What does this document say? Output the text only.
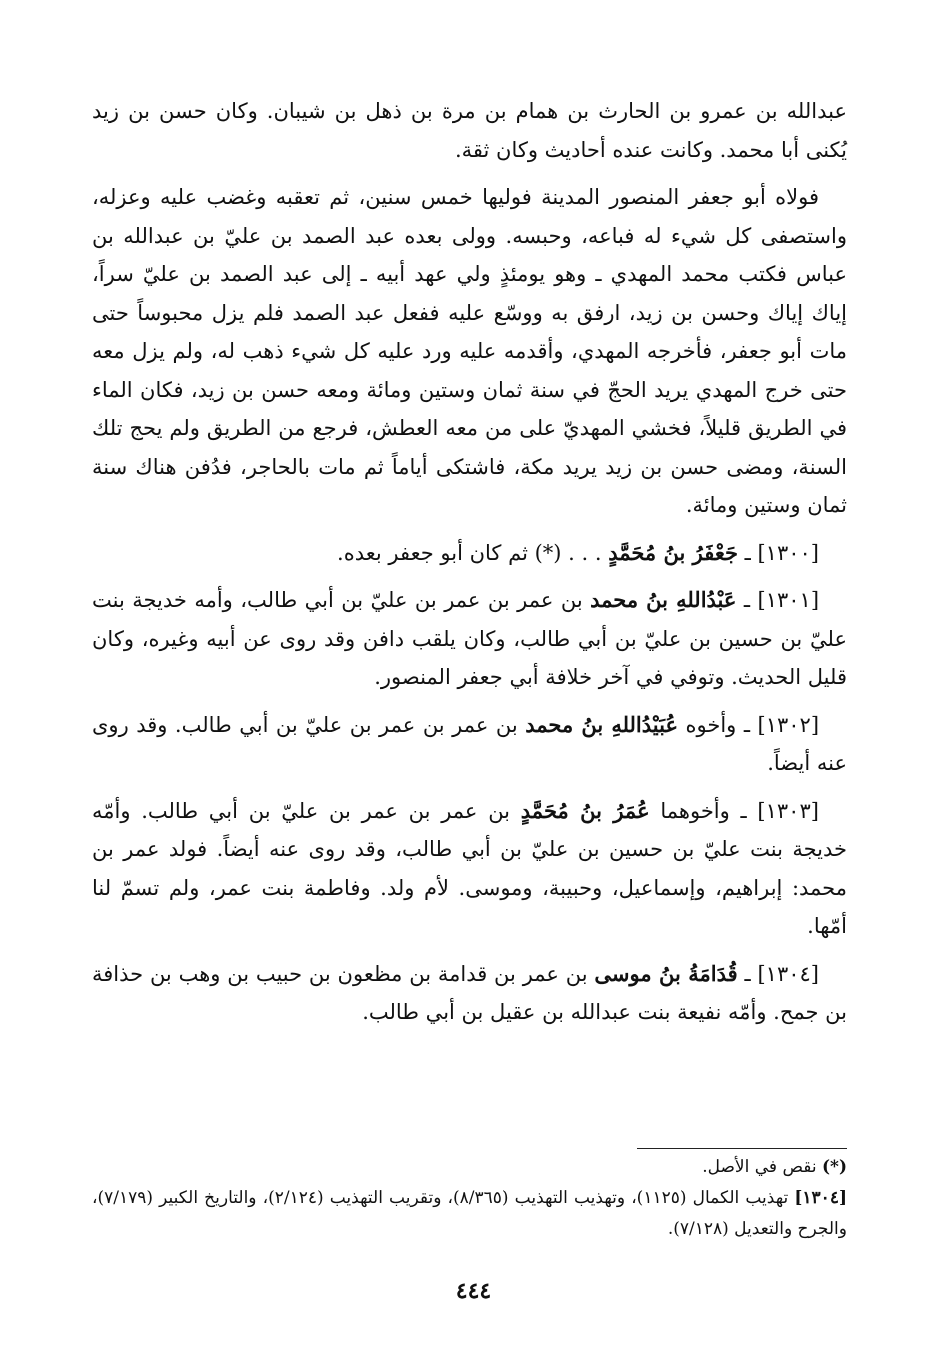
عبدالله بن عمرو بن الحارث بن همام بن مرة بن ذهل بن شيبان. وكان حسن بن زيد يُكنى أبا محمد. وكانت عنده أحاديث وكان ثقة.

فولاه أبو جعفر المنصور المدينة فوليها خمس سنين، ثم تعقبه وغضب عليه وعزله، واستصفى كل شيء له فباعه، وحبسه. وولى بعده عبد الصمد بن عليّ بن عبدالله بن عباس فكتب محمد المهدي ـ وهو يومئذٍ ولي عهد أبيه ـ إلى عبد الصمد بن عليّ سراً، إياك إياك وحسن بن زيد، ارفق به ووسّع عليه ففعل عبد الصمد فلم يزل محبوساً حتى مات أبو جعفر، فأخرجه المهدي، وأقدمه عليه ورد عليه كل شيء ذهب له، ولم يزل معه حتى خرج المهدي يريد الحجّ في سنة ثمان وستين ومائة ومعه حسن بن زيد، فكان الماء في الطريق قليلاً، فخشي المهديّ على من معه العطش، فرجع من الطريق ولم يحج تلك السنة، ومضى حسن بن زيد يريد مكة، فاشتكى أياماً ثم مات بالحاجر، فدُفن هناك سنة ثمان وستين ومائة.

[١٣٠٠] ـ جَعْفَرُ بنُ مُحَمَّدٍ . . . (*) ثم كان أبو جعفر بعده.

[١٣٠١] ـ عَبْدُاللهِ بنُ محمد بن عمر بن عمر بن عليّ بن أبي طالب، وأمه خديجة بنت عليّ بن حسين بن عليّ بن أبي طالب، وكان يلقب دافن وقد روى عن أبيه وغيره، وكان قليل الحديث. وتوفي في آخر خلافة أبي جعفر المنصور.

[١٣٠٢] ـ وأخوه عُبَيْدُاللهِ بنُ محمد بن عمر بن عمر بن عليّ بن أبي طالب. وقد روى عنه أيضاً.

[١٣٠٣] ـ وأخوهما عُمَرُ بنُ مُحَمَّدٍ بن عمر بن عمر بن عليّ بن أبي طالب. وأمّه خديجة بنت عليّ بن حسين بن عليّ بن أبي طالب، وقد روى عنه أيضاً. فولد عمر بن محمد: إبراهيم، وإسماعيل، وحبيبة، وموسى. لأم ولد. وفاطمة بنت عمر، ولم تسمّ لنا أمّها.

[١٣٠٤] ـ قُدَامَةُ بنُ موسى بن عمر بن قدامة بن مظعون بن حبيب بن وهب بن حذافة بن جمح. وأمّه نفيعة بنت عبدالله بن عقيل بن أبي طالب.

(*) نقص في الأصل.

[١٣٠٤] تهذيب الكمال (١١٢٥)، وتهذيب التهذيب (٨/٣٦٥)، وتقريب التهذيب (٢/١٢٤)، والتاريخ الكبير (٧/١٧٩)، والجرح والتعديل (٧/١٢٨).

٤٤٤
